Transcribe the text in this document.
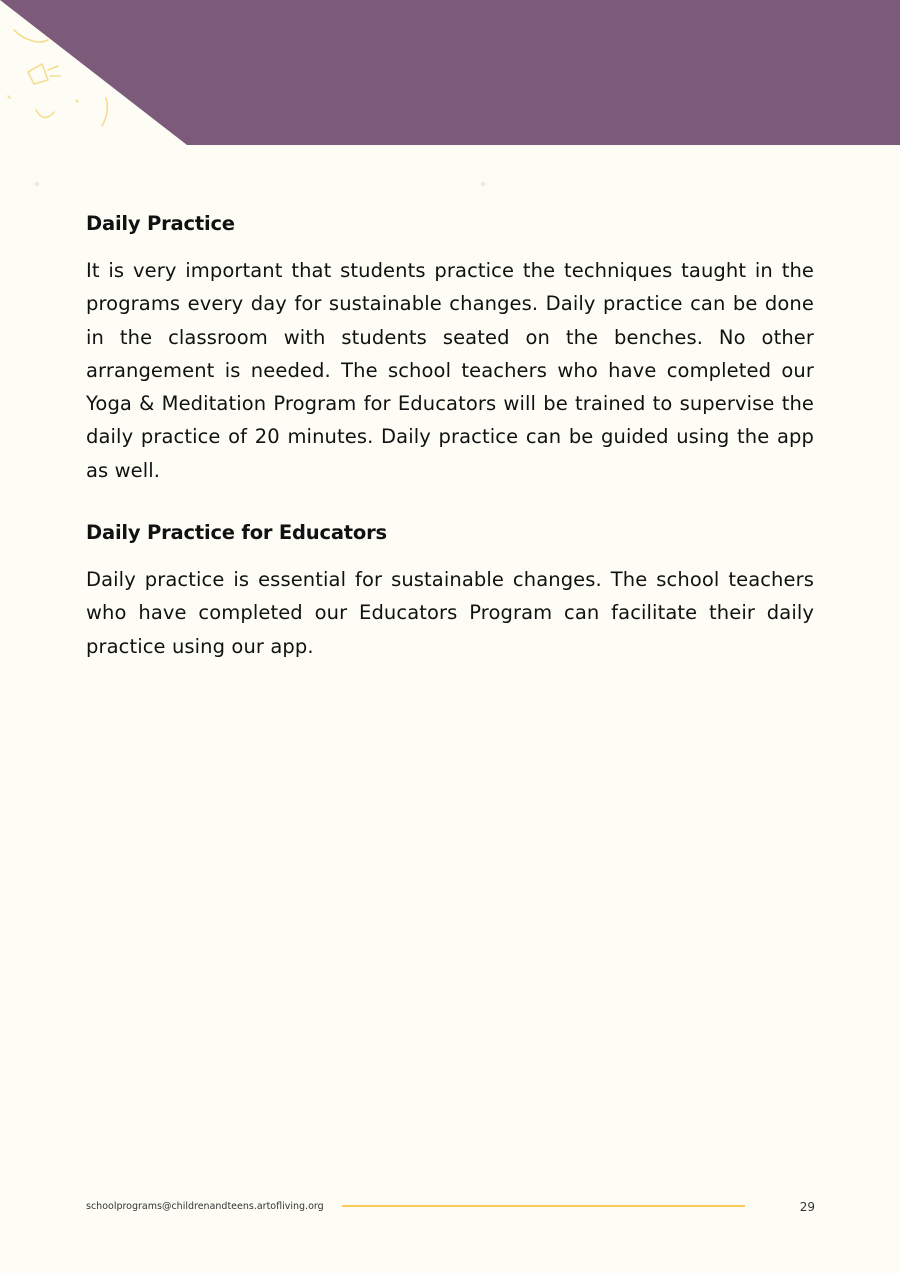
Daily Practice

It is very important that students practice the techniques taught in the programs every day for sustainable changes. Daily practice can be done in the classroom with students seated on the benches. No other arrangement is needed. The school teachers who have completed our Yoga & Meditation Program for Educators will be trained to supervise the daily practice of 20 minutes. Daily practice can be guided using the app as well.

Daily Practice for Educators

Daily practice is essential for sustainable changes. The school teachers who have completed our Educators Program can facilitate their daily practice using our app.

schoolprograms@childrenandteens.artofliving.org	29
